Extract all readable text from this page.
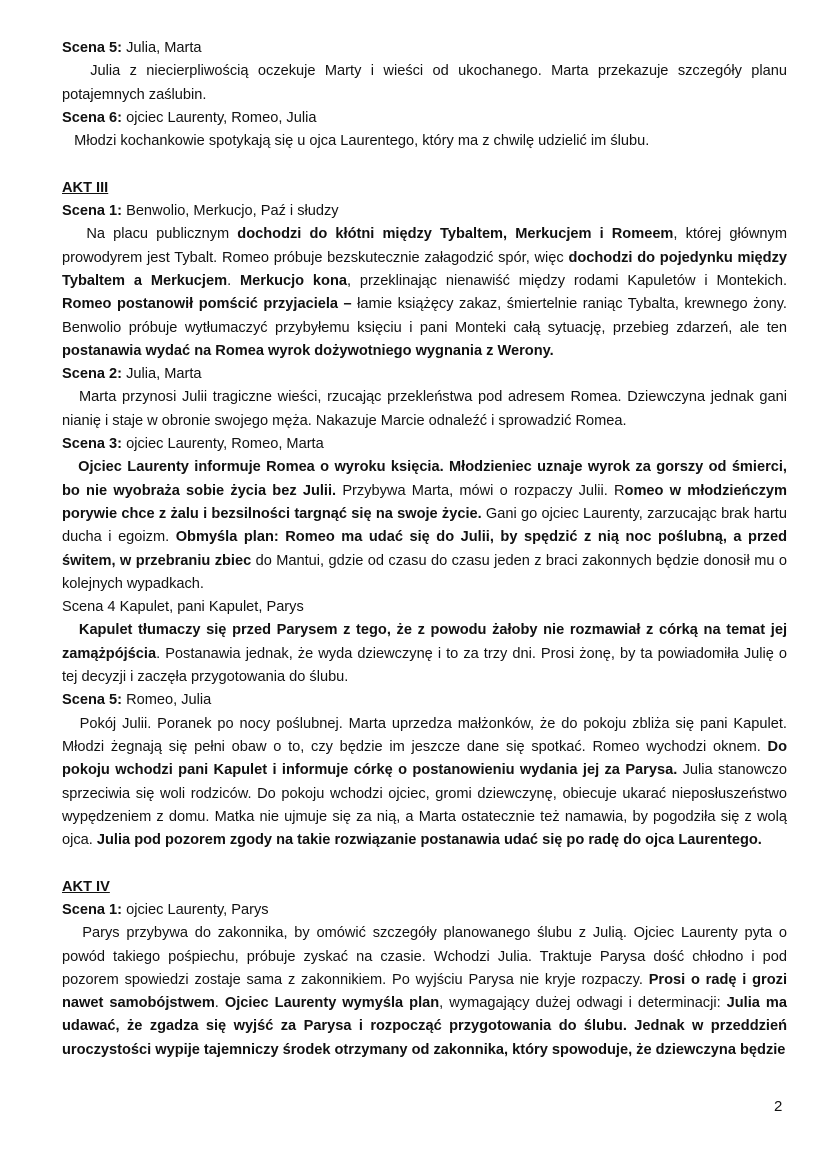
Scena 5: Julia, Marta

Julia z niecierpliwością oczekuje Marty i wieści od ukochanego. Marta przekazuje szczegóły planu potajemnych zaślubin.

Scena 6: ojciec Laurenty, Romeo, Julia

Młodzi kochankowie spotykają się u ojca Laurentego, który ma z chwilę udzielić im ślubu.

AKT III

Scena 1: Benwolio, Merkucjo, Paź i słudzy

Na placu publicznym dochodzi do kłótni między Tybaltem, Merkucjem i Romeem, której głównym prowodyrem jest Tybalt. Romeo próbuje bezskutecznie załagodzić spór, więc dochodzi do pojedynku między Tybaltem a Merkucjem. Merkucjo kona, przeklinając nienawiść między rodami Kapuletów i Montekich. Romeo postanowił pomścić przyjaciela – łamie książęcy zakaz, śmiertelnie raniąc Tybalta, krewnego żony. Benwolio próbuje wytłumaczyć przybyłemu księciu i pani Monteki całą sytuację, przebieg zdarzeń, ale ten postanawia wydać na Romea wyrok dożywotniego wygnania z Werony.

Scena 2: Julia, Marta

Marta przynosi Julii tragiczne wieści, rzucając przekleństwa pod adresem Romea. Dziewczyna jednak gani nianię i staje w obronie swojego męża. Nakazuje Marcie odnaleźć i sprowadzić Romea.

Scena 3: ojciec Laurenty, Romeo, Marta

Ojciec Laurenty informuje Romea o wyroku księcia. Młodzieniec uznaje wyrok za gorszy od śmierci, bo nie wyobraża sobie życia bez Julii. Przybywa Marta, mówi o rozpaczy Julii. Romeo w młodzieńczym porywie chce z żalu i bezsilności targnąć się na swoje życie. Gani go ojciec Laurenty, zarzucając brak hartu ducha i egoizm. Obmyśla plan: Romeo ma udać się do Julii, by spędzić z nią noc poślubną, a przed świtem, w przebraniu zbiec do Mantui, gdzie od czasu do czasu jeden z braci zakonnych będzie donosił mu o kolejnych wypadkach.

Scena 4 Kapulet, pani Kapulet, Parys

Kapulet tłumaczy się przed Parysem z tego, że z powodu żałoby nie rozmawiał z córką na temat jej zamążpójścia. Postanawia jednak, że wyda dziewczynę i to za trzy dni. Prosi żonę, by ta powiadomiła Julię o tej decyzji i zaczęła przygotowania do ślubu.

Scena 5: Romeo, Julia

Pokój Julii. Poranek po nocy poślubnej. Marta uprzedza małżonków, że do pokoju zbliża się pani Kapulet. Młodzi żegnają się pełni obaw o to, czy będzie im jeszcze dane się spotkać. Romeo wychodzi oknem. Do pokoju wchodzi pani Kapulet i informuje córkę o postanowieniu wydania jej za Parysa. Julia stanowczo sprzeciwia się woli rodziców. Do pokoju wchodzi ojciec, gromi dziewczynę, obiecuje ukarać nieposłuszeństwo wypędzeniem z domu. Matka nie ujmuje się za nią, a Marta ostatecznie też namawia, by pogodziła się z wolą ojca. Julia pod pozorem zgody na takie rozwiązanie postanawia udać się po radę do ojca Laurentego.

AKT IV

Scena 1: ojciec Laurenty, Parys

Parys przybywa do zakonnika, by omówić szczegóły planowanego ślubu z Julią. Ojciec Laurenty pyta o powód takiego pośpiechu, próbuje zyskać na czasie. Wchodzi Julia. Traktuje Parysa dość chłodno i pod pozorem spowiedzi zostaje sama z zakonnikiem. Po wyjściu Parysa nie kryje rozpaczy. Prosi o radę i grozi nawet samobójstwem. Ojciec Laurenty wymyśla plan, wymagający dużej odwagi i determinacji: Julia ma udawać, że zgadza się wyjść za Parysa i rozpocząć przygotowania do ślubu. Jednak w przeddzień uroczystości wypije tajemniczy środek otrzymany od zakonnika, który spowoduje, że dziewczyna będzie

2
